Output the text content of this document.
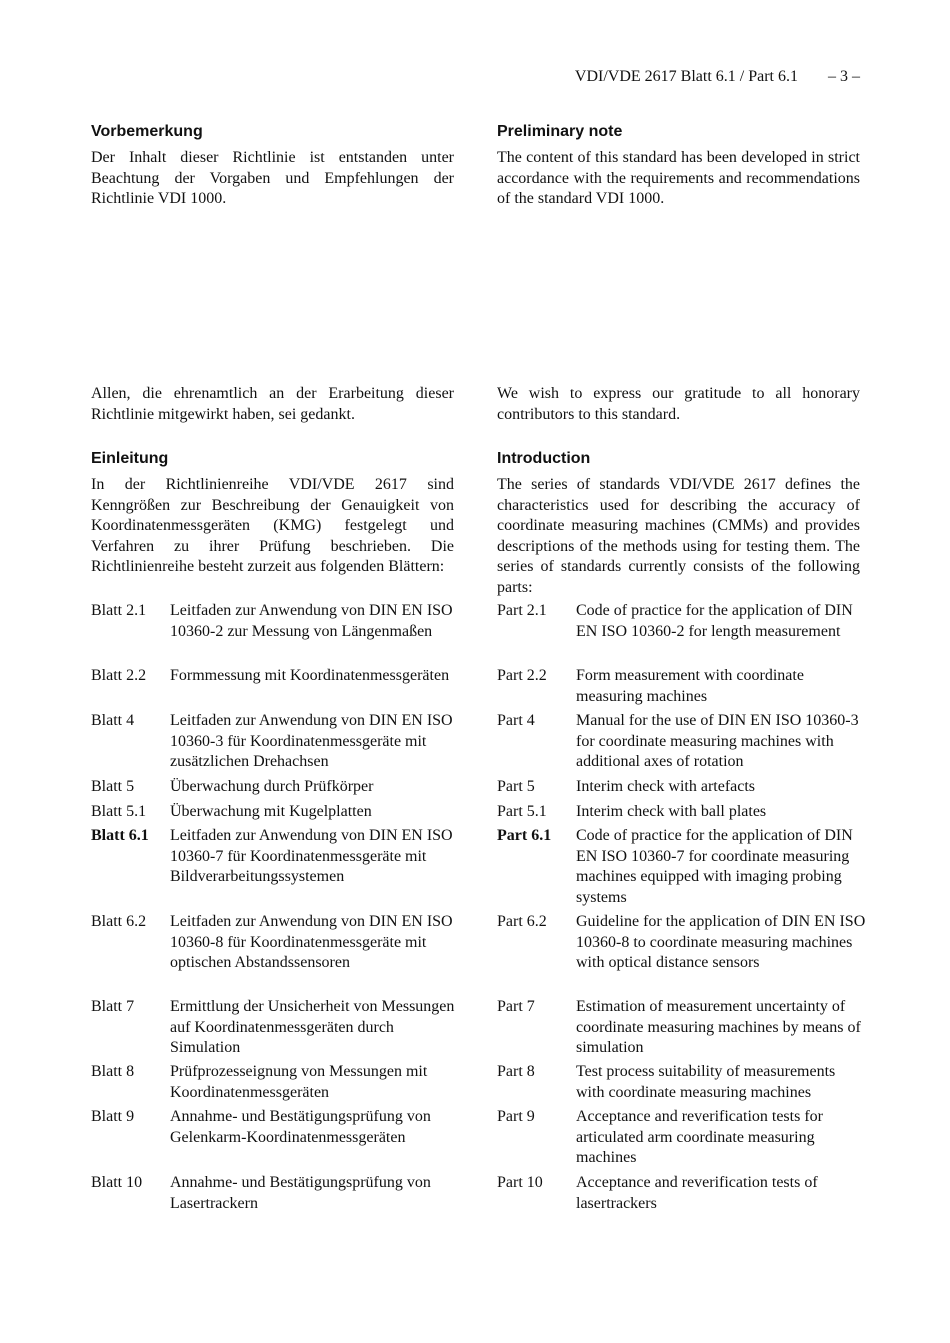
VDI/VDE 2617 Blatt 6.1 / Part 6.1 – 3 –
Vorbemerkung

Der Inhalt dieser Richtlinie ist entstanden unter Beachtung der Vorgaben und Empfehlungen der Richtlinie VDI 1000.

Allen, die ehrenamtlich an der Erarbeitung dieser Richtlinie mitgewirkt haben, sei gedankt.

Einleitung

In der Richtlinienreihe VDI/VDE 2617 sind Kenngrößen zur Beschreibung der Genauigkeit von Koordinatenmessgeräten (KMG) festgelegt und Verfahren zu ihrer Prüfung beschrieben. Die Richtlinienreihe besteht zurzeit aus folgenden Blättern:

Blatt 2.1	Leitfaden zur Anwendung von DIN EN ISO 10360-2 zur Messung von Längenmaßen
Blatt 2.2	Formmessung mit Koordinatenmessgeräten
Blatt 4	Leitfaden zur Anwendung von DIN EN ISO 10360-3 für Koordinatenmessgeräte mit zusätzlichen Drehachsen
Blatt 5	Überwachung durch Prüfkörper
Blatt 5.1	Überwachung mit Kugelplatten
Blatt 6.1	Leitfaden zur Anwendung von DIN EN ISO 10360-7 für Koordinatenmessgeräte mit Bildverarbeitungssystemen
Blatt 6.2	Leitfaden zur Anwendung von DIN EN ISO 10360-8 für Koordinatenmessgeräte mit optischen Abstandssensoren
Blatt 7	Ermittlung der Unsicherheit von Messungen auf Koordinatenmessgeräten durch Simulation
Blatt 8	Prüfprozesseignung von Messungen mit Koordinatenmessgeräten
Blatt 9	Annahme- und Bestätigungsprüfung von Gelenkarm-Koordinatenmessgeräten
Blatt 10	Annahme- und Bestätigungsprüfung von Lasertrackern
Preliminary note

The content of this standard has been developed in strict accordance with the requirements and recommendations of the standard VDI 1000.

We wish to express our gratitude to all honorary contributors to this standard.

Introduction

The series of standards VDI/VDE 2617 defines the characteristics used for describing the accuracy of coordinate measuring machines (CMMs) and provides descriptions of the methods using for testing them. The series of standards currently consists of the following parts:

Part 2.1	Code of practice for the application of DIN EN ISO 10360-2 for length measurement
Part 2.2	Form measurement with coordinate measuring machines
Part 4	Manual for the use of DIN EN ISO 10360-3 for coordinate measuring machines with additional axes of rotation
Part 5	Interim check with artefacts
Part 5.1	Interim check with ball plates
Part 6.1	Code of practice for the application of DIN EN ISO 10360-7 for coordinate measuring machines equipped with imaging probing systems
Part 6.2	Guideline for the application of DIN EN ISO 10360-8 to coordinate measuring machines with optical distance sensors
Part 7	Estimation of measurement uncertainty of coordinate measuring machines by means of simulation
Part 8	Test process suitability of measurements with coordinate measuring machines
Part 9	Acceptance and reverification tests for articulated arm coordinate measuring machines
Part 10	Acceptance and reverification tests of lasertrackers
